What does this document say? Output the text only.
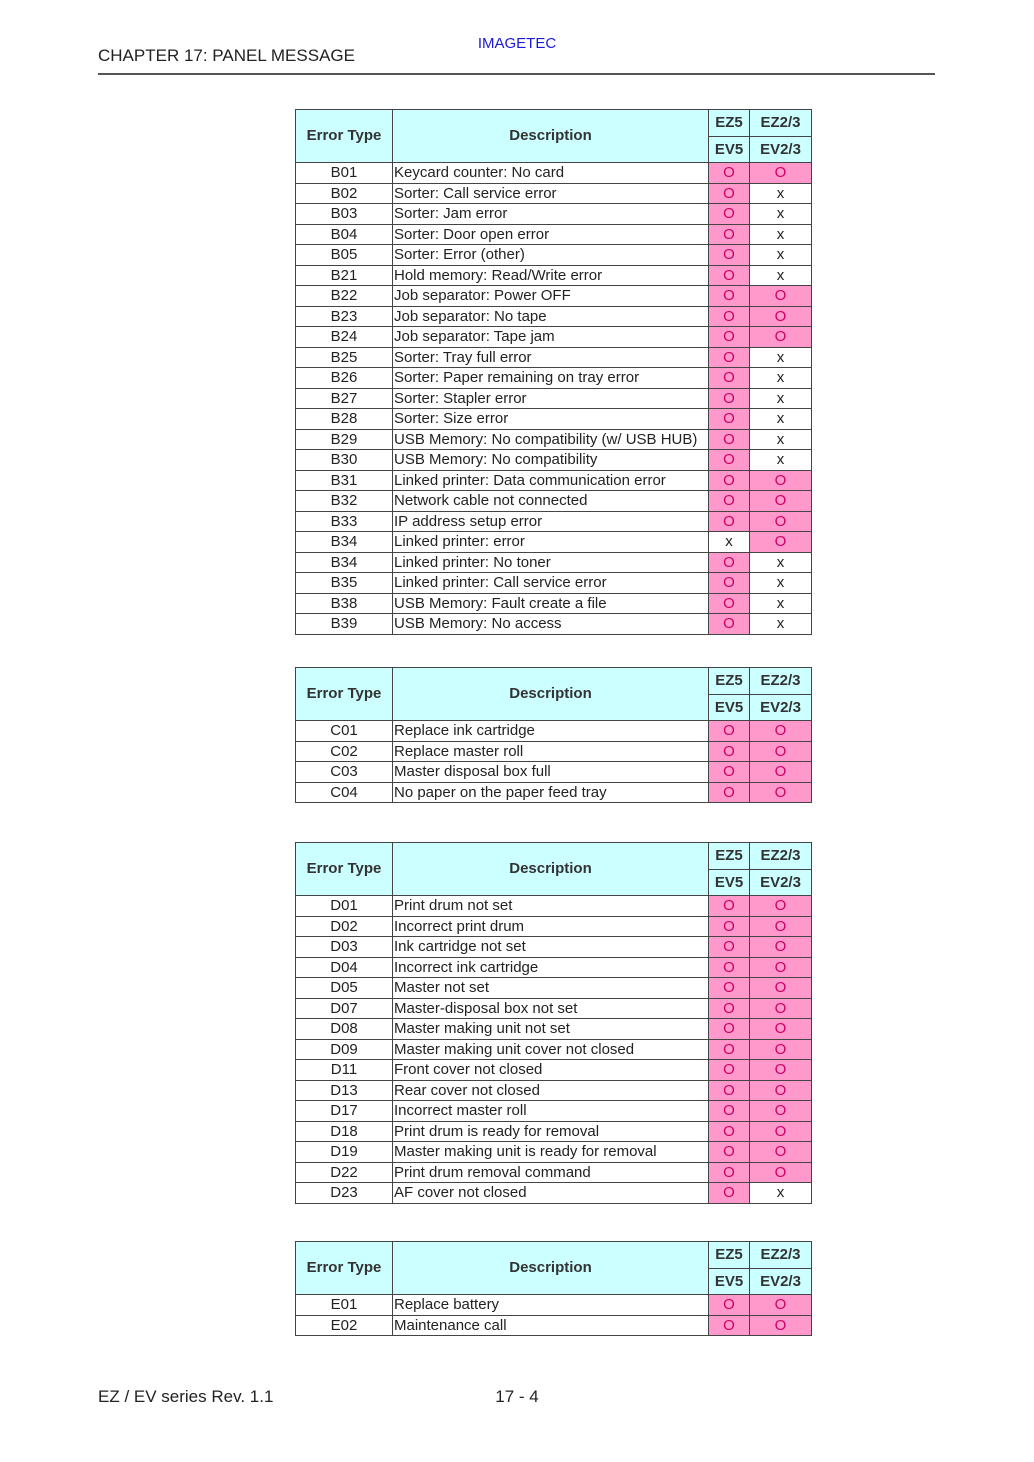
IMAGETEC
CHAPTER 17: PANEL MESSAGE
Error Type	Description	EZ5	EZ2/3
		EV5	EV2/3
B01	Keycard counter: No card	O	O
B02	Sorter: Call service error	O	x
B03	Sorter: Jam error	O	x
B04	Sorter: Door open error	O	x
B05	Sorter: Error (other)	O	x
B21	Hold memory: Read/Write error	O	x
B22	Job separator: Power OFF	O	O
B23	Job separator: No tape	O	O
B24	Job separator: Tape jam	O	O
B25	Sorter: Tray full error	O	x
B26	Sorter: Paper remaining on tray error	O	x
B27	Sorter: Stapler error	O	x
B28	Sorter: Size error	O	x
B29	USB Memory: No compatibility (w/ USB HUB)	O	x
B30	USB Memory: No compatibility	O	x
B31	Linked printer: Data communication error	O	O
B32	Network cable not connected	O	O
B33	IP address setup error	O	O
B34	Linked printer: error	x	O
B34	Linked printer: No toner	O	x
B35	Linked printer: Call service error	O	x
B38	USB Memory: Fault create a file	O	x
B39	USB Memory: No access	O	x
Error Type	Description	EZ5	EZ2/3
		EV5	EV2/3
C01	Replace ink cartridge	O	O
C02	Replace master roll	O	O
C03	Master disposal box full	O	O
C04	No paper on the paper feed tray	O	O
Error Type	Description	EZ5	EZ2/3
		EV5	EV2/3
D01	Print drum not set	O	O
D02	Incorrect print drum	O	O
D03	Ink cartridge not set	O	O
D04	Incorrect ink cartridge	O	O
D05	Master not set	O	O
D07	Master-disposal box not set	O	O
D08	Master making unit not set	O	O
D09	Master making unit cover not closed	O	O
D11	Front cover not closed	O	O
D13	Rear cover not closed	O	O
D17	Incorrect master roll	O	O
D18	Print drum is ready for removal	O	O
D19	Master making unit is ready for removal	O	O
D22	Print drum removal command	O	O
D23	AF cover not closed	O	x
Error Type	Description	EZ5	EZ2/3
		EV5	EV2/3
E01	Replace battery	O	O
E02	Maintenance call	O	O
EZ / EV series Rev. 1.1	17 - 4
